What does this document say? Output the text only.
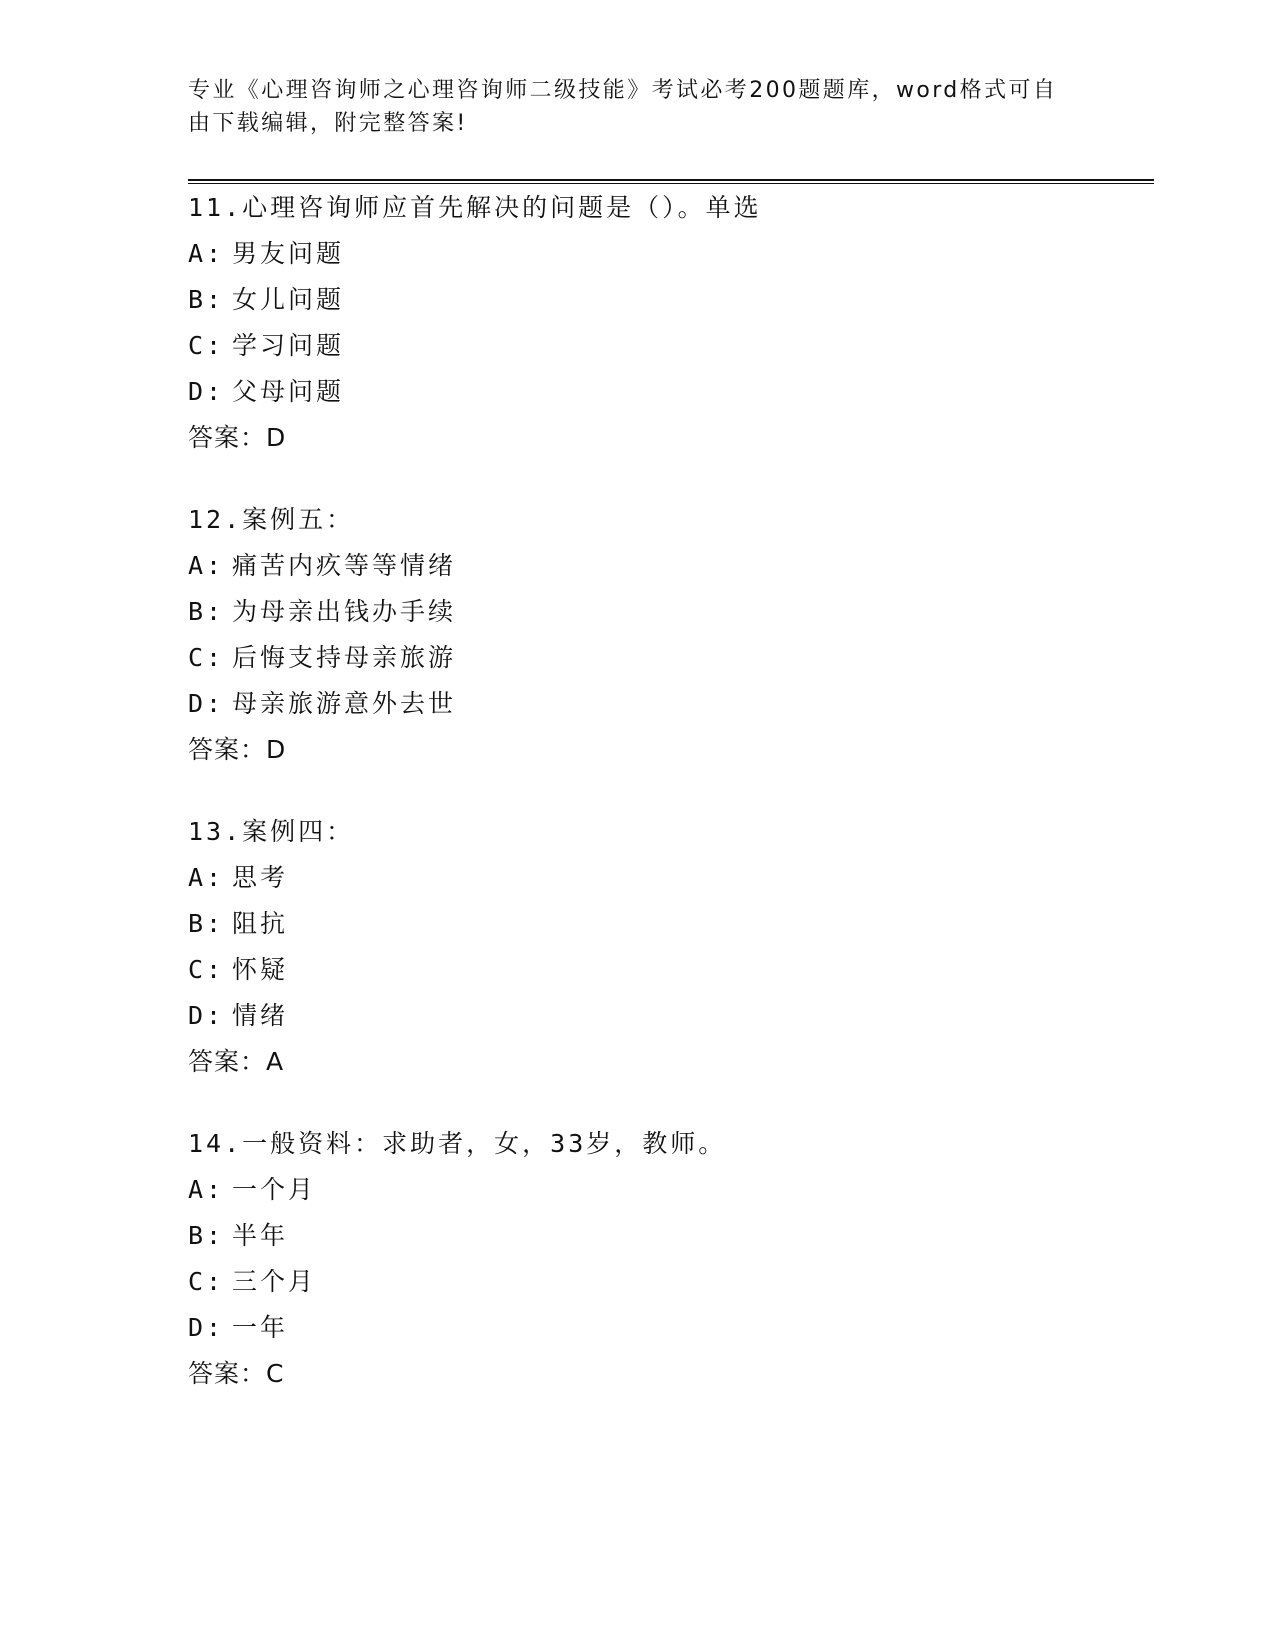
专业《心理咨询师之心理咨询师二级技能》考试必考200题题库，word格式可自由下载编辑，附完整答案!
11.心理咨询师应首先解决的问题是（）。单选
A: 男友问题
B: 女儿问题
C: 学习问题
D: 父母问题
答案：D
12.案例五：
A: 痛苦内疚等等情绪
B: 为母亲出钱办手续
C: 后悔支持母亲旅游
D: 母亲旅游意外去世
答案：D
13.案例四：
A: 思考
B: 阻抗
C: 怀疑
D: 情绪
答案：A
14.一般资料：求助者，女，33岁，教师。
A: 一个月
B: 半年
C: 三个月
D: 一年
答案：C
